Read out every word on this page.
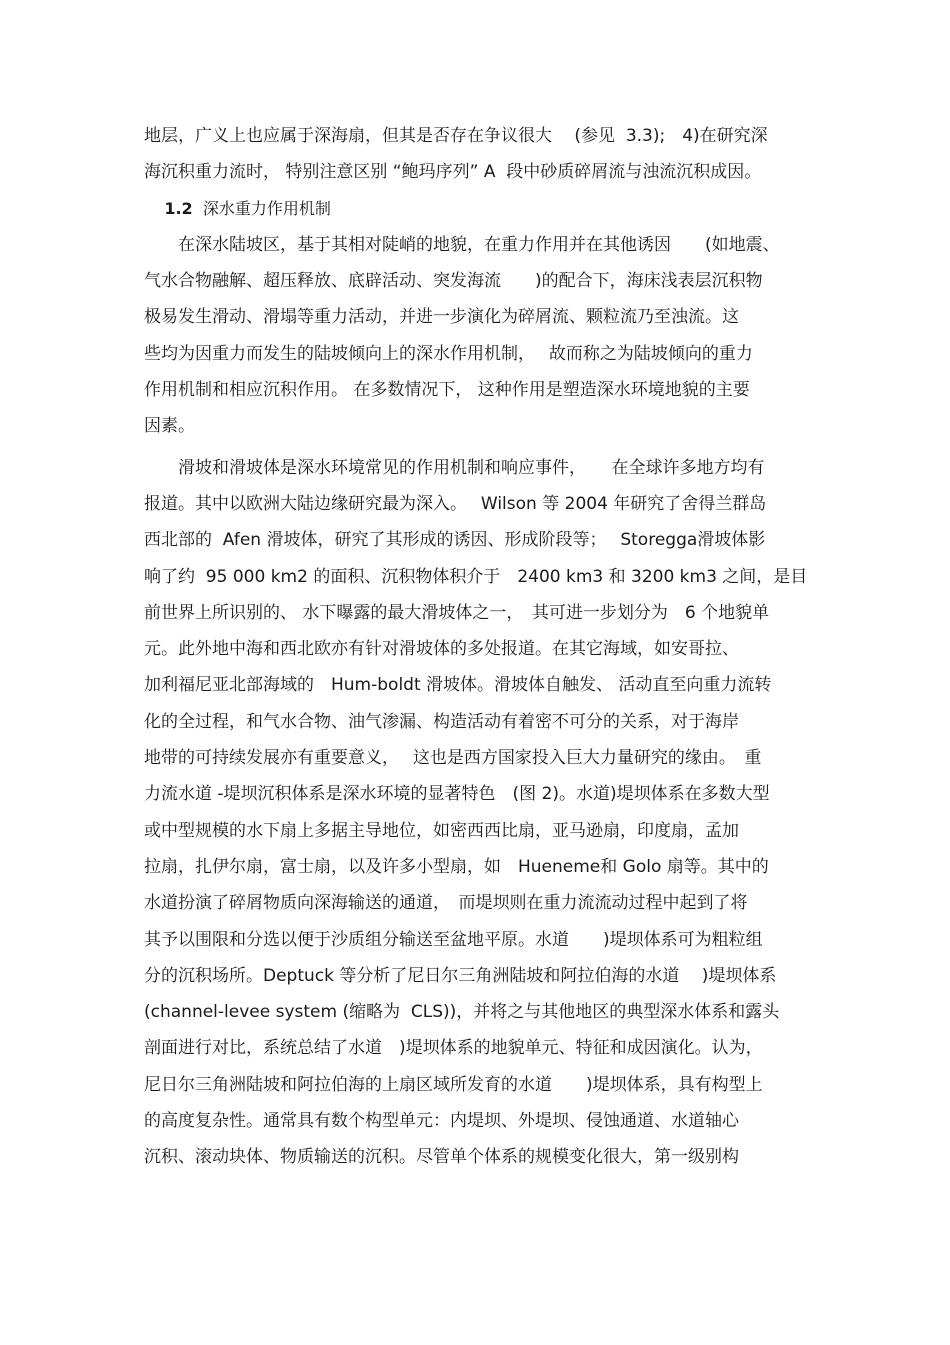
地层，广义上也应属于深海扇，但其是否存在争议很大　 (参见  3.3);　4)在研究深
海沉积重力流时， 特别注意区别 “鲍玛序列” A  段中砂质碎屑流与浊流沉积成因。
1.2 深水重力作用机制
　　在深水陆坡区，基于其相对陡峭的地貌，在重力作用并在其他诱因　　(如地震、
气水合物融解、超压释放、底辟活动、突发海流　　)的配合下，海床浅表层沉积物
极易发生滑动、滑塌等重力活动，并进一步演化为碎屑流、颗粒流乃至浊流。这
些均为因重力而发生的陆坡倾向上的深水作用机制，　 故而称之为陆坡倾向的重力
作用机制和相应沉积作用。 在多数情况下， 这种作用是塑造深水环境地貌的主要
因素。
　　滑坡和滑坡体是深水环境常见的作用机制和响应事件，　　在全球许多地方均有
报道。其中以欧洲大陆边缘研究最为深入。　 Wilson 等 2004 年研究了舍得兰群岛
西北部的  Afen 滑坡体，研究了其形成的诱因、形成阶段等；　 Storegga滑坡体影
响了约  95 000 km2 的面积、沉积物体积介于　2400 km3 和 3200 km3 之间，是目
前世界上所识别的、 水下曝露的最大滑坡体之一，　其可进一步划分为　6 个地貌单
元。此外地中海和西北欧亦有针对滑坡体的多处报道。在其它海域，如安哥拉、
加利福尼亚北部海域的　Hum-boldt 滑坡体。滑坡体自触发、 活动直至向重力流转
化的全过程，和气水合物、油气渗漏、构造活动有着密不可分的关系，对于海岸
地带的可持续发展亦有重要意义，　 这也是西方国家投入巨大力量研究的缘由。　重
力流水道 -堤坝沉积体系是深水环境的显著特色　(图 2)。水道)堤坝体系在多数大型
或中型规模的水下扇上多据主导地位，如密西西比扇，亚马逊扇，印度扇，孟加
拉扇，扎伊尔扇，富士扇，以及许多小型扇，如　Hueneme和 Golo 扇等。其中的
水道扮演了碎屑物质向深海输送的通道，　而堤坝则在重力流流动过程中起到了将
其予以围限和分选以便于沙质组分输送至盆地平原。水道　　)堤坝体系可为粗粒组
分的沉积场所。Deptuck 等分析了尼日尔三角洲陆坡和阿拉伯海的水道　 )堤坝体系
(channel-levee system (缩略为  CLS))，并将之与其他地区的典型深水体系和露头
剖面进行对比，系统总结了水道　)堤坝体系的地貌单元、特征和成因演化。认为，
尼日尔三角洲陆坡和阿拉伯海的上扇区域所发育的水道　　)堤坝体系，具有构型上
的高度复杂性。通常具有数个构型单元：内堤坝、外堤坝、侵蚀通道、水道轴心
沉积、滚动块体、物质输送的沉积。尽管单个体系的规模变化很大，第一级别构
